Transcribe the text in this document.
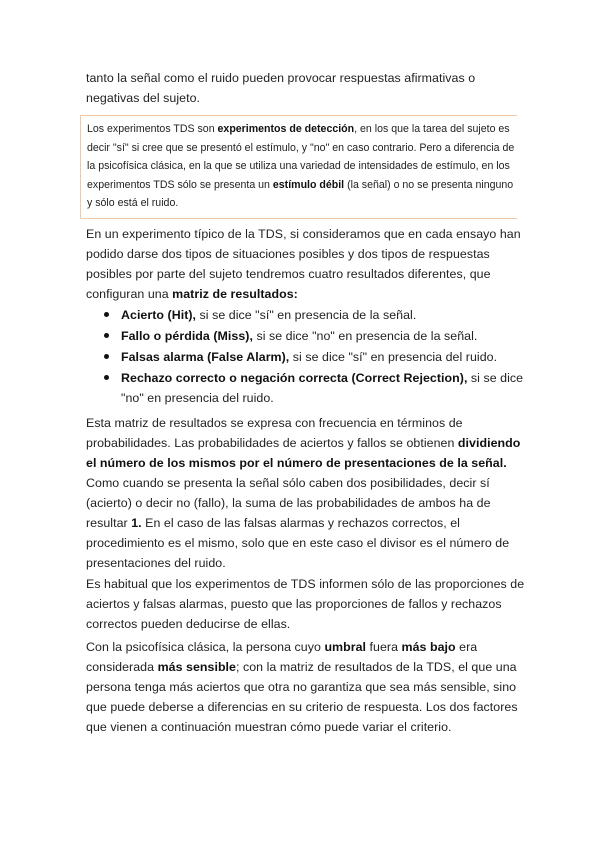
tanto la señal como el ruido pueden provocar respuestas afirmativas o negativas del sujeto.

Los experimentos TDS son experimentos de detección, en los que la tarea del sujeto es decir "sí" si cree que se presentó el estímulo, y "no" en caso contrario. Pero a diferencia de la psicofísica clásica, en la que se utiliza una variedad de intensidades de estímulo, en los experimentos TDS sólo se presenta un estímulo débil (la señal) o no se presenta ninguno y sólo está el ruido.

En un experimento típico de la TDS, si consideramos que en cada ensayo han podido darse dos tipos de situaciones posibles y dos tipos de respuestas posibles por parte del sujeto tendremos cuatro resultados diferentes, que configuran una matriz de resultados:

Acierto (Hit), si se dice "sí" en presencia de la señal.
Fallo o pérdida (Miss), si se dice "no" en presencia de la señal.
Falsas alarma (False Alarm), si se dice "sí" en presencia del ruido.
Rechazo correcto o negación correcta (Correct Rejection), si se dice "no" en presencia del ruido.

Esta matriz de resultados se expresa con frecuencia en términos de probabilidades. Las probabilidades de aciertos y fallos se obtienen dividiendo el número de los mismos por el número de presentaciones de la señal. Como cuando se presenta la señal sólo caben dos posibilidades, decir sí (acierto) o decir no (fallo), la suma de las probabilidades de ambos ha de resultar 1. En el caso de las falsas alarmas y rechazos correctos, el procedimiento es el mismo, solo que en este caso el divisor es el número de presentaciones del ruido.

Es habitual que los experimentos de TDS informen sólo de las proporciones de aciertos y falsas alarmas, puesto que las proporciones de fallos y rechazos correctos pueden deducirse de ellas.

Con la psicofísica clásica, la persona cuyo umbral fuera más bajo era considerada más sensible; con la matriz de resultados de la TDS, el que una persona tenga más aciertos que otra no garantiza que sea más sensible, sino que puede deberse a diferencias en su criterio de respuesta. Los dos factores que vienen a continuación muestran cómo puede variar el criterio.
